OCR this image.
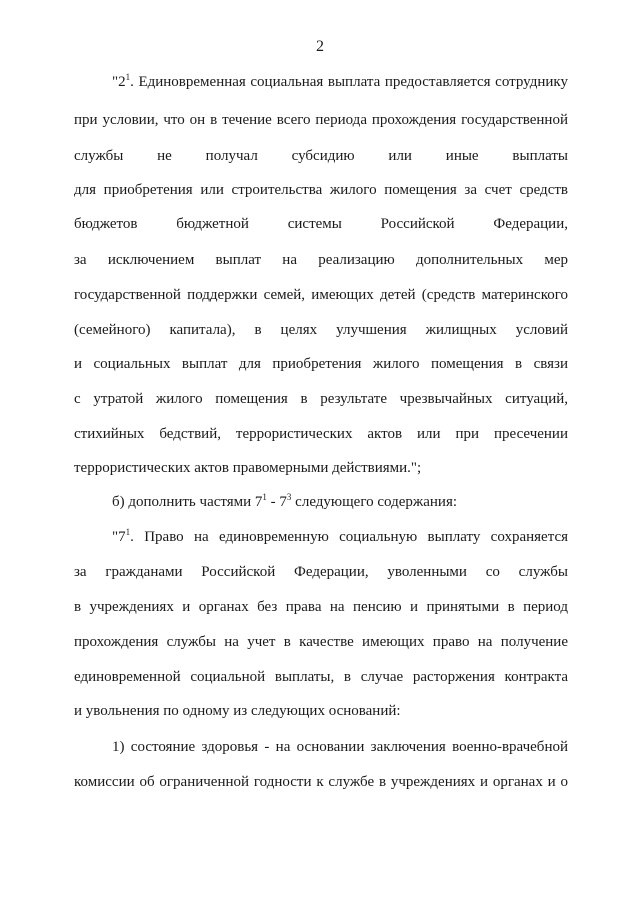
2
"$2^1$. Единовременная социальная выплата предоставляется сотруднику
при условии, что он в течение всего периода прохождения государственной
службы не получал субсидию или иные выплаты
для приобретения или строительства жилого помещения за счет средств
бюджетов бюджетной системы Российской Федерации,
за исключением выплат на реализацию дополнительных мер
государственной поддержки семей, имеющих детей (средств материнского
(семейного) капитала), в целях улучшения жилищных условий
и социальных выплат для приобретения жилого помещения в связи
с утратой жилого помещения в результате чрезвычайных ситуаций,
стихийных бедствий, террористических актов или при пресечении
террористических актов правомерными действиями.";
б) дополнить частями $7^1 - 7^3$ следующего содержания:
"$7^1$. Право на единовременную социальную выплату сохраняется
за гражданами Российской Федерации, уволенными со службы
в учреждениях и органах без права на пенсию и принятыми в период
прохождения службы на учет в качестве имеющих право на получение
единовременной социальной выплаты, в случае расторжения контракта
и увольнения по одному из следующих оснований:
1) состояние здоровья - на основании заключения военно-врачебной
комиссии об ограниченной годности к службе в учреждениях и органах и о
